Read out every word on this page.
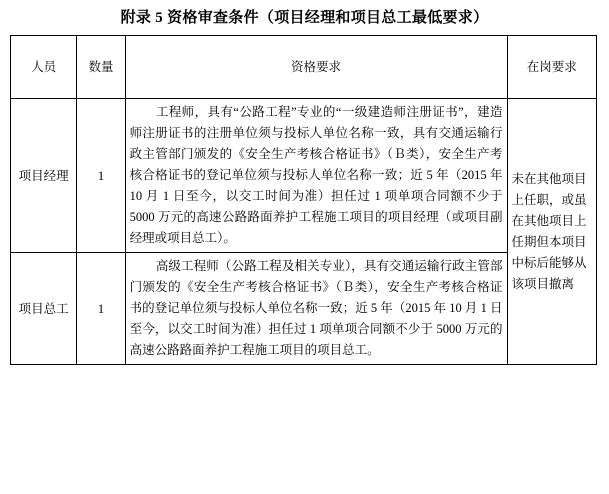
附录 5 资格审查条件（项目经理和项目总工最低要求）
人员	数量	资格要求	在岗要求
项目经理	1	工程师，具有“公路工程”专业的“一级建造师注册证书”，建造师注册证书的注册单位须与投标人单位名称一致，具有交通运输行政主管部门颁发的《安全生产考核合格证书》（Ｂ类），安全生产考核合格证书的登记单位须与投标人单位名称一致；近 5 年（2015 年 10 月 1 日至今，以交工时间为准）担任过 1 项单项合同额不少于 5000 万元的高速公路路面养护工程施工项目的项目经理（或项目副经理或项目总工）。	未在其他项目上任职，或虽在其他项目上任期但本项目中标后能够从该项目撤离

项目总工	1	高级工程师（公路工程及相关专业），具有交通运输行政主管部门颁发的《安全生产考核合格证书》（Ｂ类），安全生产考核合格证书的登记单位须与投标人单位名称一致；近 5 年（2015 年 10 月 1 日至今，以交工时间为准）担任过 1 项单项合同额不少于 5000 万元的高速公路路面养护工程施工项目的项目总工。	
